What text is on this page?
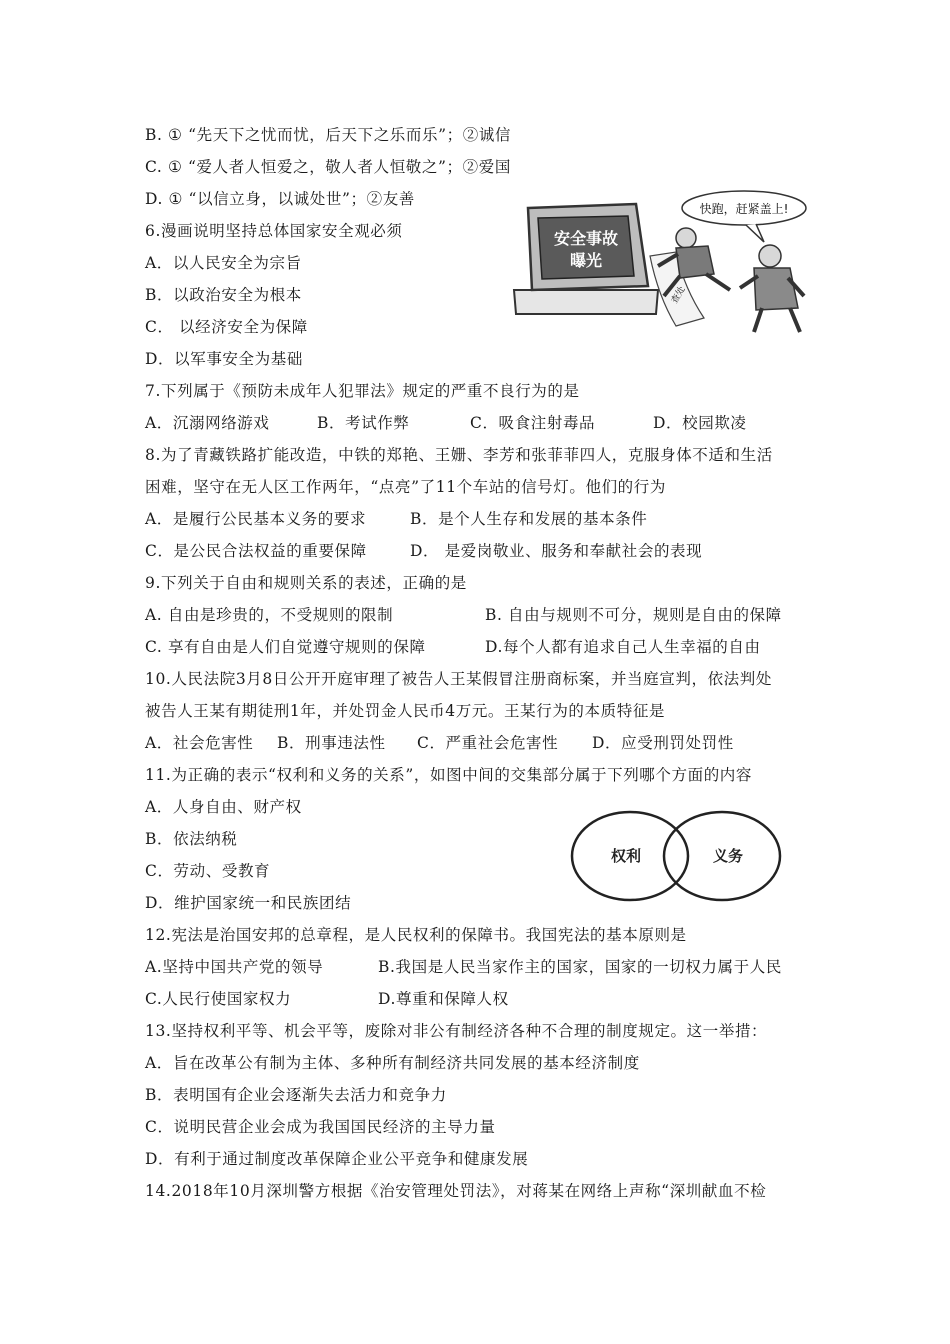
B. ① “先天下之忧而忧，后天下之乐而乐”；②诚信
C. ① “爱人者人恒爱之，敬人者人恒敬之”；②爱国
D. ① “以信立身，以诚处世”；②友善
6.漫画说明坚持总体国家安全观必须
A．以人民安全为宗旨
B．以政治安全为根本
C． 以经济安全为保障
D．以军事安全为基础
7.下列属于《预防未成年人犯罪法》规定的严重不良行为的是
A．沉溺网络游戏	B．考试作弊	C．吸食注射毒品	D．校园欺凌
8.为了青藏铁路扩能改造，中铁的郑艳、王姗、李芳和张菲菲四人，克服身体不适和生活
困难，坚守在无人区工作两年，“点亮”了11个车站的信号灯。他们的行为
A．是履行公民基本义务的要求	B．是个人生存和发展的基本条件
C．是公民合法权益的重要保障	D． 是爱岗敬业、服务和奉献社会的表现
9.下列关于自由和规则关系的表述，正确的是
A. 自由是珍贵的，不受规则的限制	B. 自由与规则不可分，规则是自由的保障
C. 享有自由是人们自觉遵守规则的保障	D.每个人都有追求自己人生幸福的自由
10.人民法院3月8日公开开庭审理了被告人王某假冒注册商标案，并当庭宣判，依法判处
被告人王某有期徒刑1年，并处罚金人民币4万元。王某行为的本质特征是
A．社会危害性 B．刑事违法性 C．严重社会危害性 D．应受刑罚处罚性
11.为正确的表示“权利和义务的关系”，如图中间的交集部分属于下列哪个方面的内容
A．人身自由、财产权
B．依法纳税
C．劳动、受教育
D．维护国家统一和民族团结
12.宪法是治国安邦的总章程，是人民权利的保障书。我国宪法的基本原则是
A.坚持中国共产党的领导	B.我国是人民当家作主的国家，国家的一切权力属于人民
C.人民行使国家权力	D.尊重和保障人权
13.坚持权利平等、机会平等，废除对非公有制经济各种不合理的制度规定。这一举措：
A．旨在改革公有制为主体、多种所有制经济共同发展的基本经济制度
B．表明国有企业会逐渐失去活力和竞争力
C．说明民营企业会成为我国国民经济的主导力量
D．有利于通过制度改革保障企业公平竞争和健康发展
14.2018年10月深圳警方根据《治安管理处罚法》，对蒋某在网络上声称“深圳献血不检
安全事故
曝光
快跑，赶紧盖上!
查处
权利	义务
